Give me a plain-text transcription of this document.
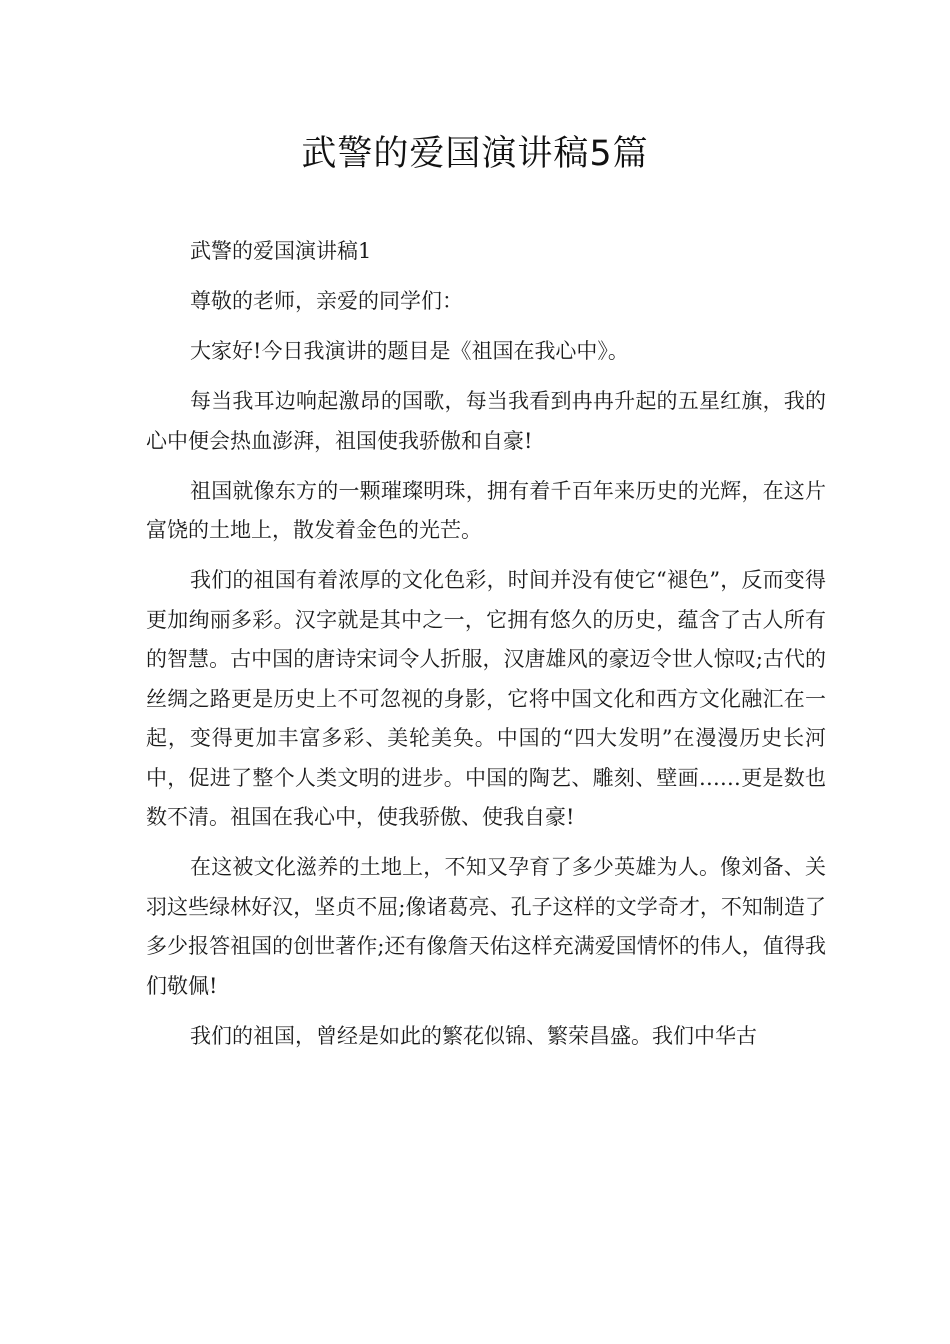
武警的爱国演讲稿5篇

武警的爱国演讲稿1

尊敬的老师，亲爱的同学们：

大家好!今日我演讲的题目是《祖国在我心中》。

每当我耳边响起激昂的国歌，每当我看到冉冉升起的五星红旗，我的心中便会热血澎湃，祖国使我骄傲和自豪!

祖国就像东方的一颗璀璨明珠，拥有着千百年来历史的光辉，在这片富饶的土地上，散发着金色的光芒。

我们的祖国有着浓厚的文化色彩，时间并没有使它“褪色”，反而变得更加绚丽多彩。汉字就是其中之一，它拥有悠久的历史，蕴含了古人所有的智慧。古中国的唐诗宋词令人折服，汉唐雄风的豪迈令世人惊叹;古代的丝绸之路更是历史上不可忽视的身影，它将中国文化和西方文化融汇在一起，变得更加丰富多彩、美轮美奂。中国的“四大发明”在漫漫历史长河中，促进了整个人类文明的进步。中国的陶艺、雕刻、壁画……更是数也数不清。祖国在我心中，使我骄傲、使我自豪!

在这被文化滋养的土地上，不知又孕育了多少英雄为人。像刘备、关羽这些绿林好汉，坚贞不屈;像诸葛亮、孔子这样的文学奇才，不知制造了多少报答祖国的创世著作;还有像詹天佑这样充满爱国情怀的伟人，值得我们敬佩!

我们的祖国，曾经是如此的繁花似锦、繁荣昌盛。我们中华古
